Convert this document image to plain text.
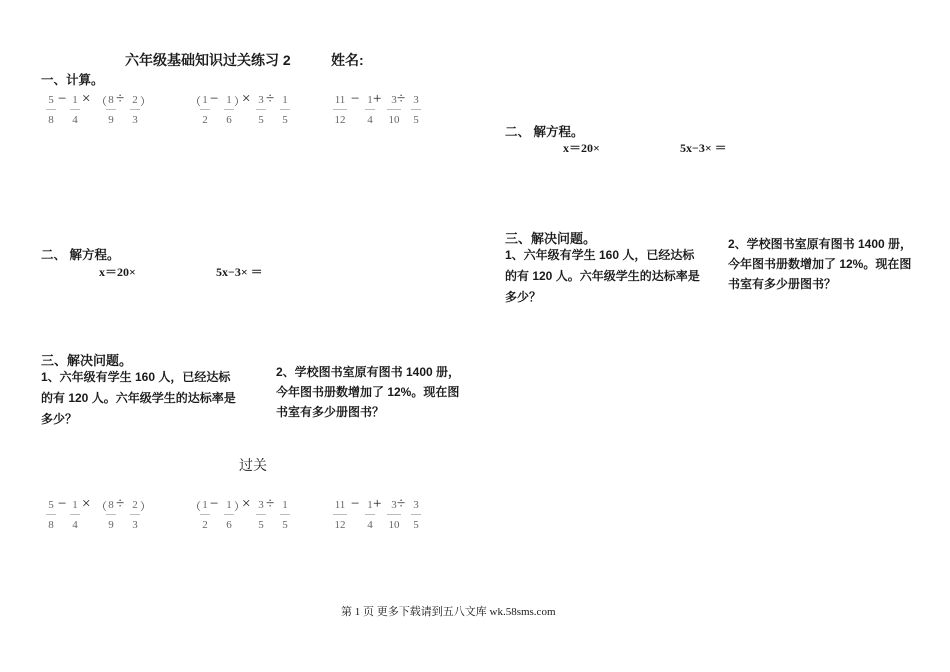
六年级基础知识过关练习 2	姓名:
一、计算。
5
8
− 1
4
× （ 8
9
÷ 2
3
）	（ 1
2
− 1
6
）
× 3
5
÷ 1
5
11
12
− 1
4
+ 3
10
÷ 3
5
二、 解方程。
x＝20×	5x−3× ＝
三、解决问题。
1、六年级有学生 160 人，已经达标的有 120 人。六年级学生的达标率是多少？
2、学校图书室原有图书 1400 册，今年图书册数增加了 12%。现在图书室有多少册图书？
过关
5
8
− 1
4
× （ 8
9
÷ 2
3
）	（ 1
2
− 1
6
）
× 3
5
÷ 1
5
11
12
− 1
4
+ 3
10
÷ 3
5
二、 解方程。
x＝20×	5x−3× ＝
三、解决问题。
1、六年级有学生 160 人，已经达标的有 120 人。六年级学生的达标率是多少？
2、学校图书室原有图书 1400 册，今年图书册数增加了 12%。现在图书室有多少册图书？
第 1 页 更多下载请到五八文库 wk.58sms.com
